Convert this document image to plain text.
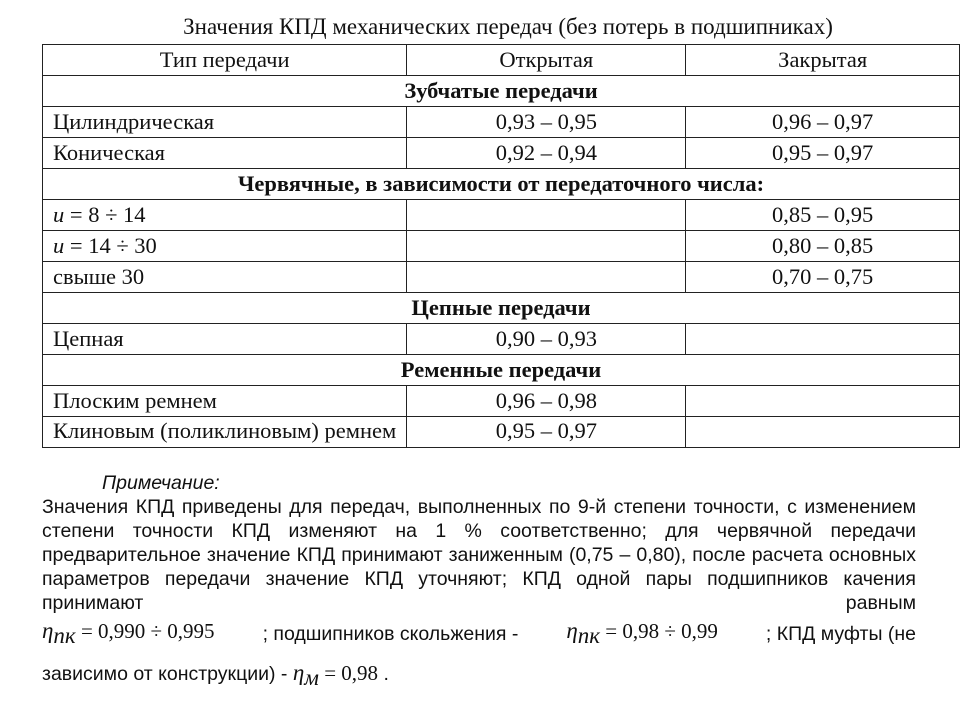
Значения КПД механических передач (без потерь в подшипниках)
Тип передачи	Открытая	Закрытая
Зубчатые передачи		
Цилиндрическая	0,93 – 0,95	0,96 – 0,97
Коническая	0,92 – 0,94	0,95 – 0,97
Червячные, в зависимости от передаточного числа:		
u = 8 ÷ 14		0,85 – 0,95
u = 14 ÷ 30		0,80 – 0,85
свыше 30		0,70 – 0,75
Цепные передачи		
Цепная	0,90 – 0,93	
Ременные передачи		
Плоским ремнем	0,96 – 0,98	
Клиновым (поликлиновым) ремнем	0,95 – 0,97	
Примечание:
Значения КПД приведены для передач, выполненных по 9-й степени точности, с изменением степени точности КПД изменяют на 1 % соответственно; для червячной передачи предварительное значение КПД принимают заниженным (0,75 – 0,80), после расчета основных параметров передачи значение КПД уточняют; КПД одной пары подшипников качения принимают равным
$\eta_{пк} = 0,990 \div 0,995$ ; подшипников скольжения - $\eta_{пк} = 0,98 \div 0,99$ ; КПД муфты (не
зависимо от конструкции) - $\eta_м = 0,98$ .
